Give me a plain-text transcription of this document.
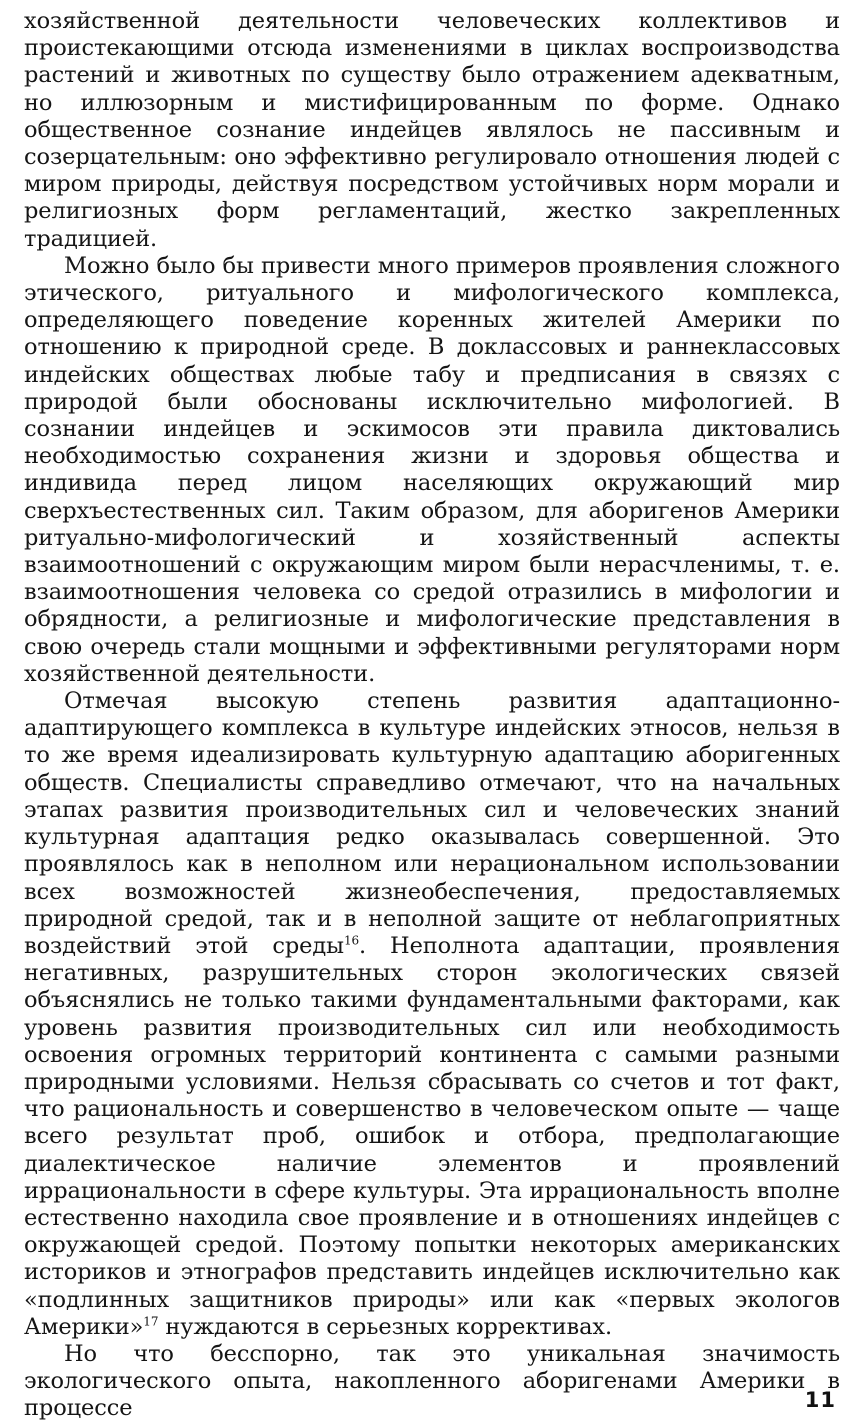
хозяйственной деятельности человеческих коллективов и проистекающими отсюда изменениями в циклах воспроизводства растений и животных по существу было отражением адекватным, но иллюзорным и мистифицированным по форме. Однако общественное сознание индейцев являлось не пассивным и созерцательным: оно эффективно регулировало отношения людей с миром природы, действуя посредством устойчивых норм морали и религиозных форм регламентаций, жестко закрепленных традицией.

Можно было бы привести много примеров проявления сложного этического, ритуального и мифологического комплекса, определяющего поведение коренных жителей Америки по отношению к природной среде. В доклассовых и раннеклассовых индейских обществах любые табу и предписания в связях с природой были обоснованы исключительно мифологией. В сознании индейцев и эскимосов эти правила диктовались необходимостью сохранения жизни и здоровья общества и индивида перед лицом населяющих окружающий мир сверхъестественных сил. Таким образом, для аборигенов Америки ритуально-мифологический и хозяйственный аспекты взаимоотношений с окружающим миром были нерасчленимы, т. е. взаимоотношения человека со средой отразились в мифологии и обрядности, а религиозные и мифологические представления в свою очередь стали мощными и эффективными регуляторами норм хозяйственной деятельности.

Отмечая высокую степень развития адаптационно-адаптирующего комплекса в культуре индейских этносов, нельзя в то же время идеализировать культурную адаптацию аборигенных обществ. Специалисты справедливо отмечают, что на начальных этапах развития производительных сил и человеческих знаний культурная адаптация редко оказывалась совершенной. Это проявлялось как в неполном или нерациональном использовании всех возможностей жизнеобеспечения, предоставляемых природной средой, так и в неполной защите от неблагоприятных воздействий этой среды$^{16}$. Неполнота адаптации, проявления негативных, разрушительных сторон экологических связей объяснялись не только такими фундаментальными факторами, как уровень развития производительных сил или необходимость освоения огромных территорий континента с самыми разными природными условиями. Нельзя сбрасывать со счетов и тот факт, что рациональность и совершенство в человеческом опыте — чаще всего результат проб, ошибок и отбора, предполагающие диалектическое наличие элементов и проявлений иррациональности в сфере культуры. Эта иррациональность вполне естественно находила свое проявление и в отношениях индейцев с окружающей средой. Поэтому попытки некоторых американских историков и этнографов представить индейцев исключительно как «подлинных защитников природы» или как «первых экологов Америки»$^{17}$ нуждаются в серьезных коррективах.

Но что бесспорно, так это уникальная значимость экологического опыта, накопленного аборигенами Америки в процессе	11
